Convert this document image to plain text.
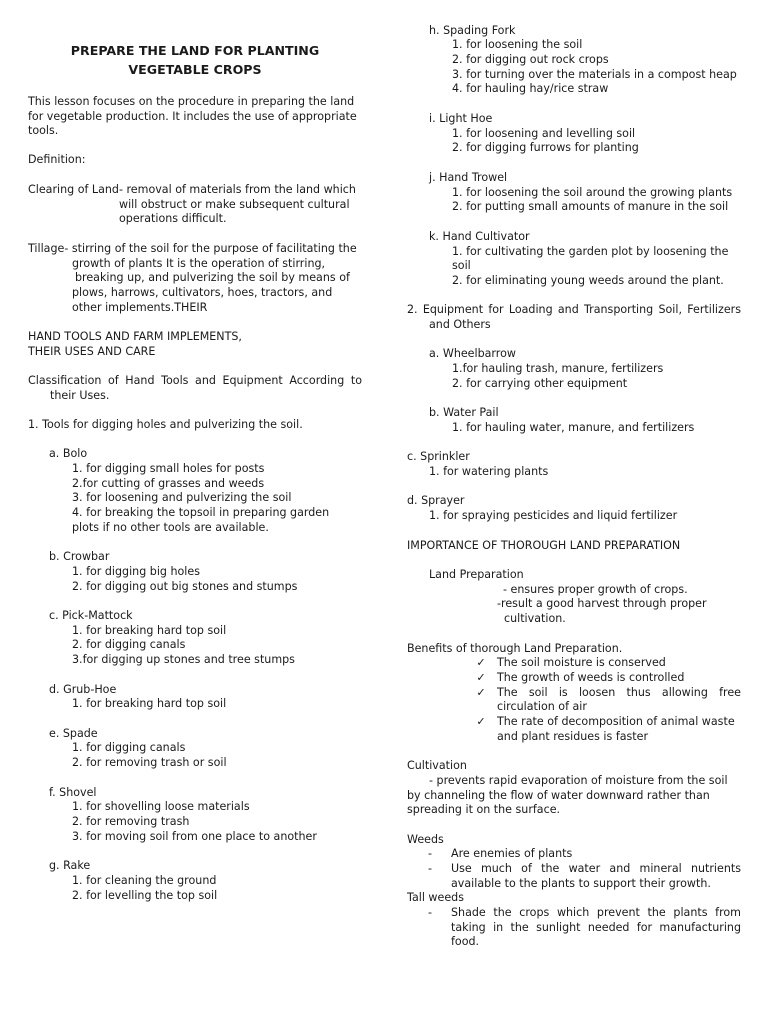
PREPARE THE LAND FOR PLANTING
VEGETABLE CROPS
This lesson focuses on the procedure in preparing the land
for vegetable production. It includes the use of appropriate
tools.
Definition:
Clearing of Land- removal of materials from the land which
will obstruct or make subsequent cultural
operations difficult.
Tillage- stirring of the soil for the purpose of facilitating the
growth of plants It is the operation of stirring,
breaking up, and pulverizing the soil by means of
plows, harrows, cultivators, hoes, tractors, and
other implements.THEIR
HAND TOOLS AND FARM IMPLEMENTS,
THEIR USES AND CARE
Classification of Hand Tools and Equipment According to
their Uses.
1. Tools for digging holes and pulverizing the soil.
a. Bolo
1. for digging small holes for posts
2.for cutting of grasses and weeds
3. for loosening and pulverizing the soil
4. for breaking the topsoil in preparing garden
plots if no other tools are available.
b. Crowbar
1. for digging big holes
2. for digging out big stones and stumps
c. Pick-Mattock
1. for breaking hard top soil
2. for digging canals
3.for digging up stones and tree stumps
d. Grub-Hoe
1. for breaking hard top soil
e. Spade
1. for digging canals
2. for removing trash or soil
f. Shovel
1. for shovelling loose materials
2. for removing trash
3. for moving soil from one place to another
g. Rake
1. for cleaning the ground
2. for levelling the top soil
h. Spading Fork
1. for loosening the soil
2. for digging out rock crops
3. for turning over the materials in a compost heap
4. for hauling hay/rice straw
i. Light Hoe
1. for loosening and levelling soil
2. for digging furrows for planting
j. Hand Trowel
1. for loosening the soil around the growing plants
2. for putting small amounts of manure in the soil
k. Hand Cultivator
1. for cultivating the garden plot by loosening the
soil
2. for eliminating young weeds around the plant.
2. Equipment for Loading and Transporting Soil, Fertilizers
and Others
a. Wheelbarrow
1.for hauling trash, manure, fertilizers
2. for carrying other equipment
b. Water Pail
1. for hauling water, manure, and fertilizers
c. Sprinkler
1. for watering plants
d. Sprayer
1. for spraying pesticides and liquid fertilizer
IMPORTANCE OF THOROUGH LAND PREPARATION
Land Preparation
- ensures proper growth of crops.
-result a good harvest through proper
cultivation.
Benefits of thorough Land Preparation.
✓ The soil moisture is conserved
✓ The growth of weeds is controlled
✓ The soil is loosen thus allowing free
circulation of air
✓ The rate of decomposition of animal waste
and plant residues is faster
Cultivation
- prevents rapid evaporation of moisture from the soil
by channeling the flow of water downward rather than
spreading it on the surface.
Weeds
-	Are enemies of plants
-	Use much of the water and mineral nutrients
available to the plants to support their growth.
Tall weeds
-	Shade the crops which prevent the plants from
taking in the sunlight needed for manufacturing
food.
